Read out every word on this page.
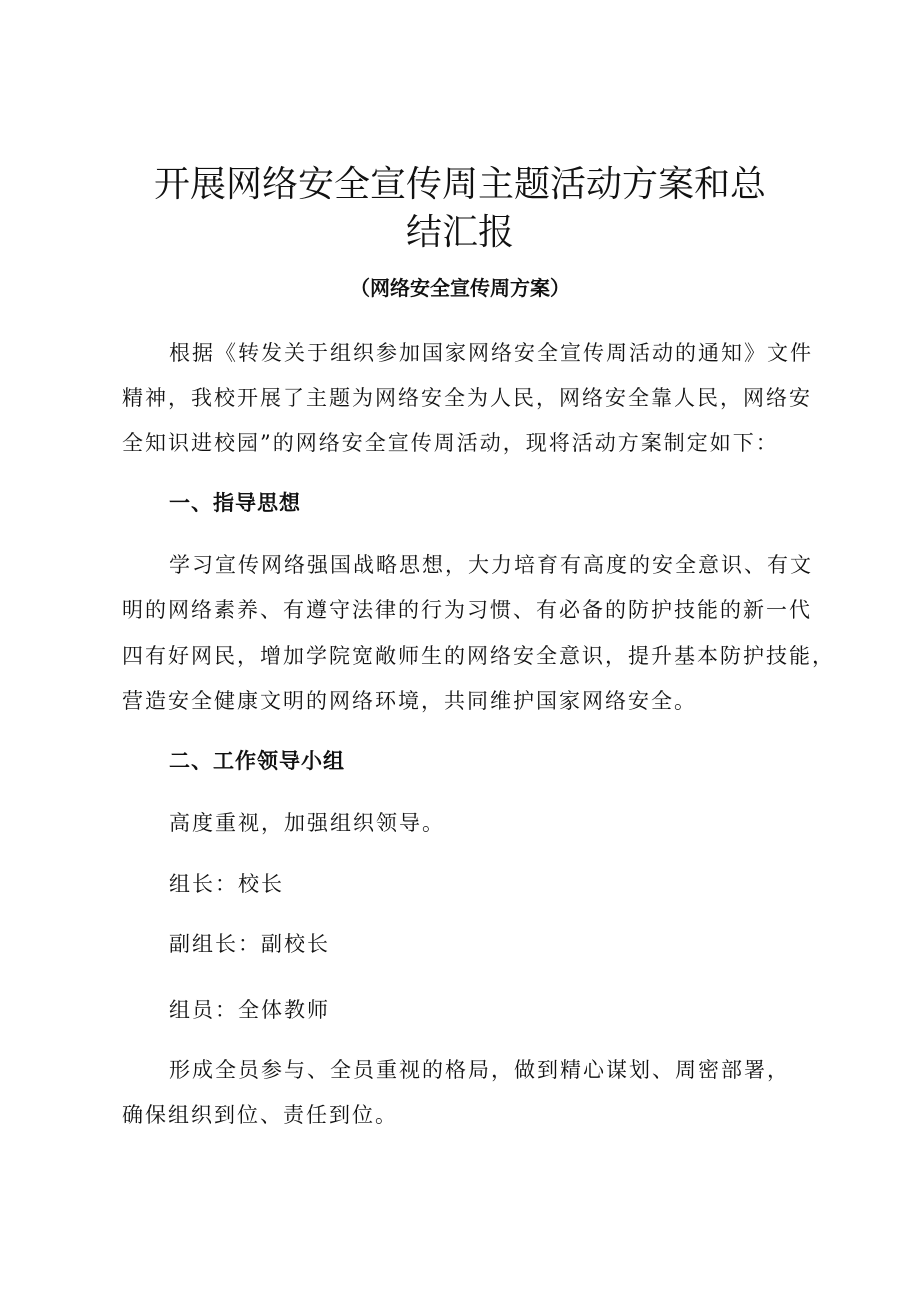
开展网络安全宣传周主题活动方案和总
结汇报
（网络安全宣传周方案）
根据《转发关于组织参加国家网络安全宣传周活动的通知》文件
精神，我校开展了主题为网络安全为人民，网络安全靠人民，网络安
全知识进校园”的网络安全宣传周活动，现将活动方案制定如下：
一、指导思想
学习宣传网络强国战略思想，大力培育有高度的安全意识、有文
明的网络素养、有遵守法律的行为习惯、有必备的防护技能的新一代
四有好网民，增加学院宽敞师生的网络安全意识，提升基本防护技能，
营造安全健康文明的网络环境，共同维护国家网络安全。
二、工作领导小组
高度重视，加强组织领导。
组长：校长
副组长：副校长
组员：全体教师
形成全员参与、全员重视的格局，做到精心谋划、周密部署，
确保组织到位、责任到位。
